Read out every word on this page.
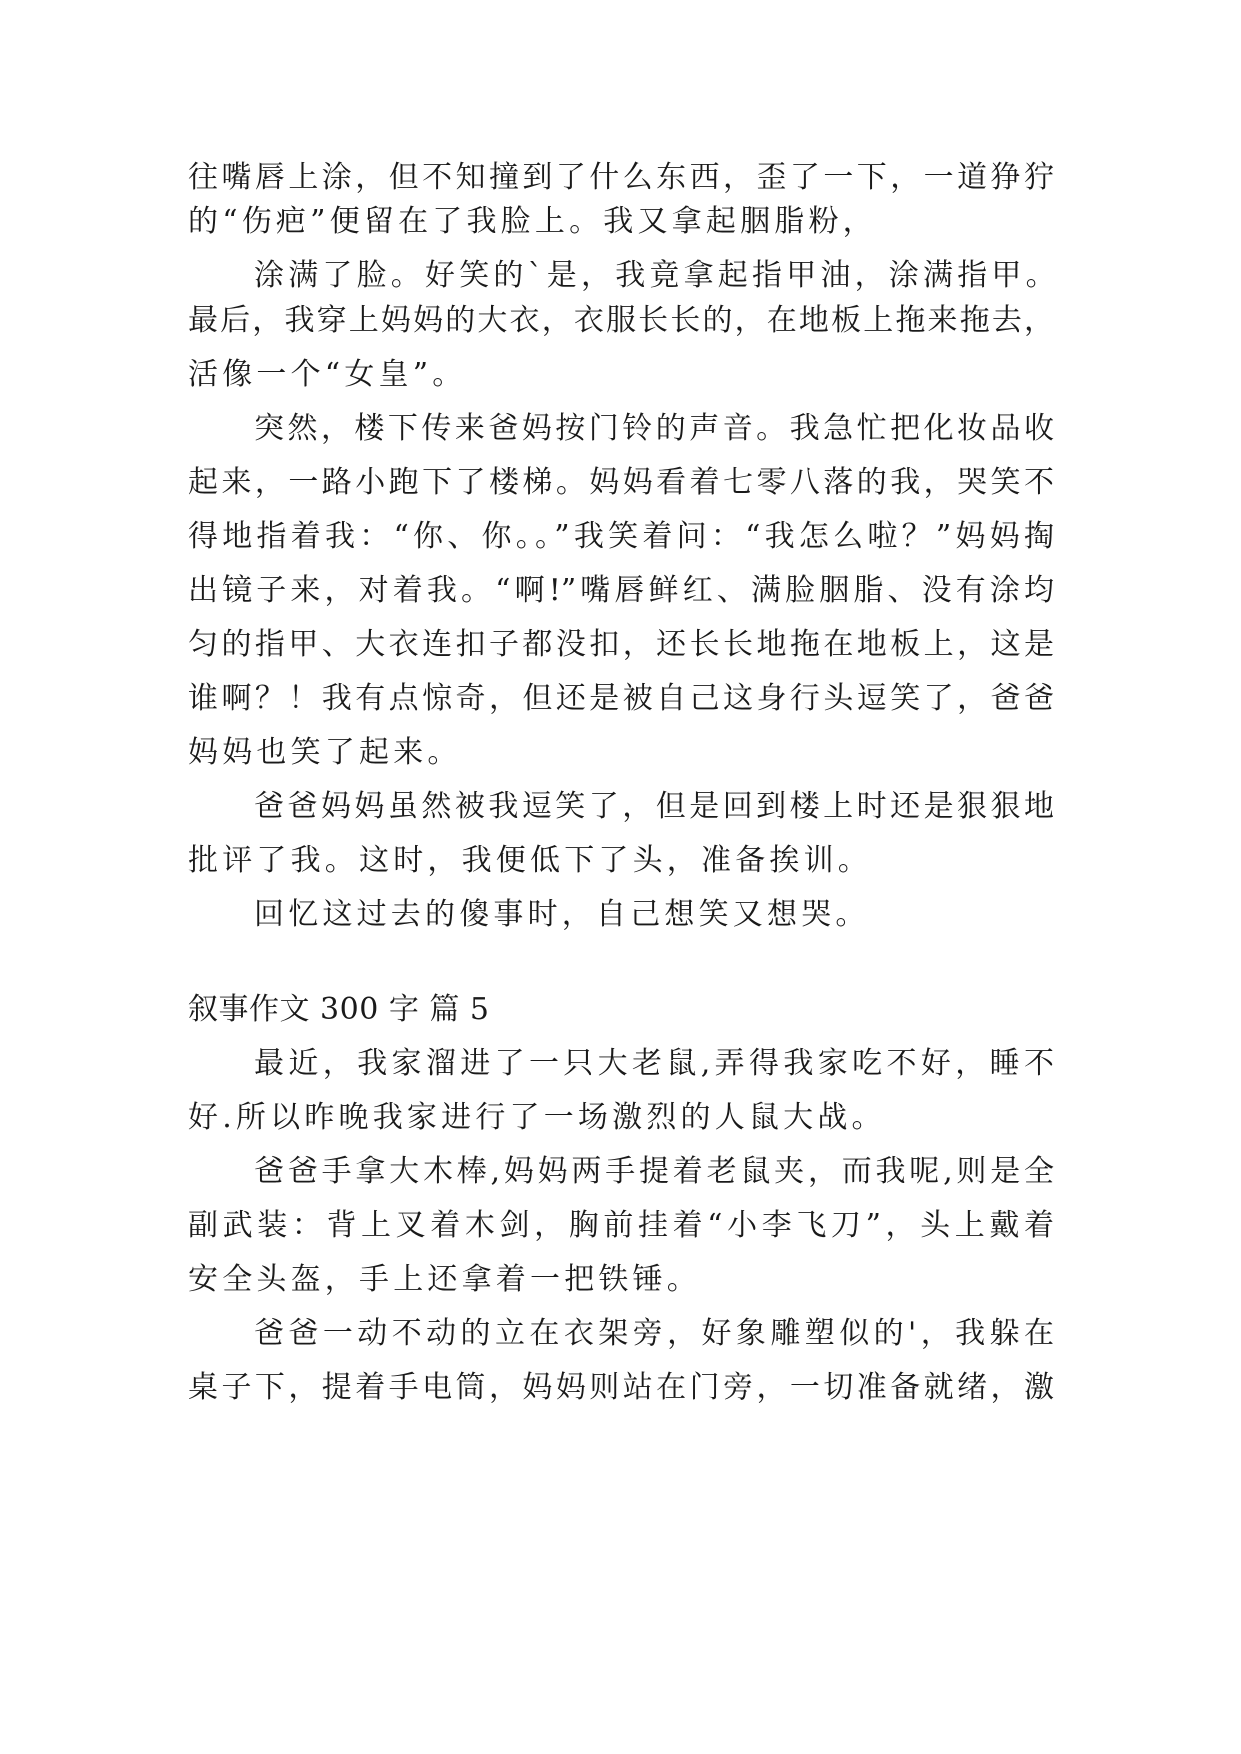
往嘴唇上涂，但不知撞到了什么东西，歪了一下，一道狰狞
的“伤疤”便留在了我脸上。我又拿起胭脂粉，
涂满了脸。好笑的`是，我竟拿起指甲油，涂满指甲。
最后，我穿上妈妈的大衣，衣服长长的，在地板上拖来拖去，
活像一个“女皇”。
突然，楼下传来爸妈按门铃的声音。我急忙把化妆品收
起来，一路小跑下了楼梯。妈妈看着七零八落的我，哭笑不
得地指着我：“你、你。。”我笑着问：“我怎么啦？”妈妈掏
出镜子来，对着我。“啊!”嘴唇鲜红、满脸胭脂、没有涂均
匀的指甲、大衣连扣子都没扣，还长长地拖在地板上，这是
谁啊？！我有点惊奇，但还是被自己这身行头逗笑了，爸爸
妈妈也笑了起来。
爸爸妈妈虽然被我逗笑了，但是回到楼上时还是狠狠地
批评了我。这时，我便低下了头，准备挨训。
回忆这过去的傻事时，自己想笑又想哭。
叙事作文 300 字 篇 5
最近，我家溜进了一只大老鼠,弄得我家吃不好，睡不
好.所以昨晚我家进行了一场激烈的人鼠大战。
爸爸手拿大木棒,妈妈两手提着老鼠夹，而我呢,则是全
副武装：背上叉着木剑，胸前挂着“小李飞刀”，头上戴着
安全头盔，手上还拿着一把铁锤。
爸爸一动不动的立在衣架旁，好象雕塑似的'，我躲在
桌子下，提着手电筒，妈妈则站在门旁，一切准备就绪，激
